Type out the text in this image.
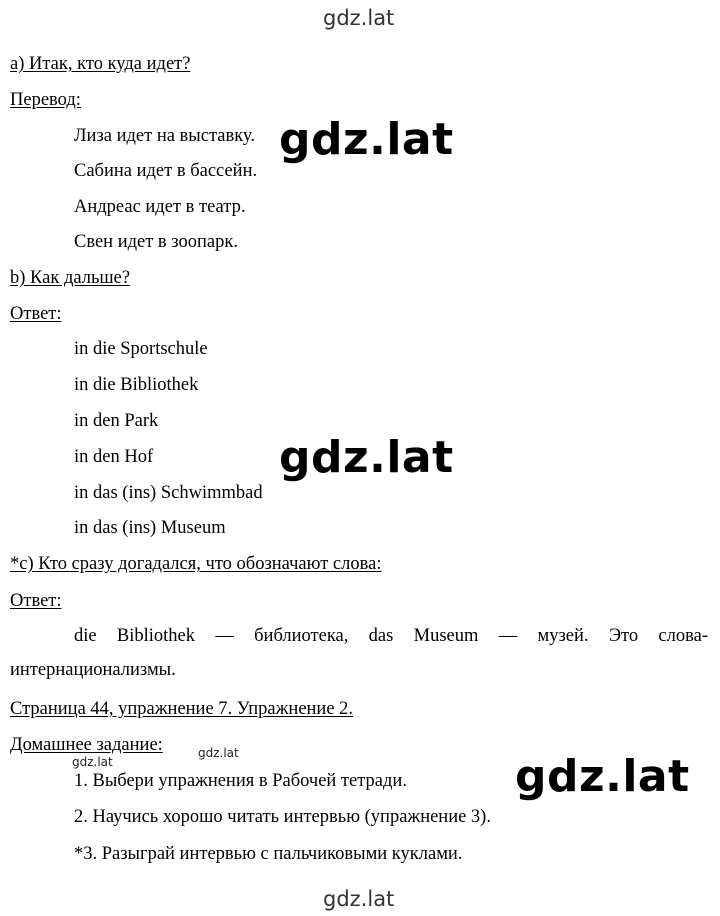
gdz.lat
gdz.lat
gdz.lat
gdz.lat
gdz.lat
gdz.lat
gdz.lat
а) Итак, кто куда идет?
Перевод:
Лиза идет на выставку.
Сабина идет в бассейн.
Андреас идет в театр.
Свен идет в зоопарк.
b) Как дальше?
Ответ:
in die Sportschule
in die Bibliothek
in den Park
in den Hof
in das (ins) Schwimmbad
in das (ins) Museum
*с) Кто сразу догадался, что обозначают слова:
Ответ:
die Bibliothek — библиотека, das Museum — музей. Это слова-
интернационализмы.
Страница 44, упражнение 7. Упражнение 2.
Домашнее задание:
1. Выбери упражнения в Рабочей тетради.
2. Научись хорошо читать интервью (упражнение 3).
*3. Разыграй интервью с пальчиковыми куклами.
